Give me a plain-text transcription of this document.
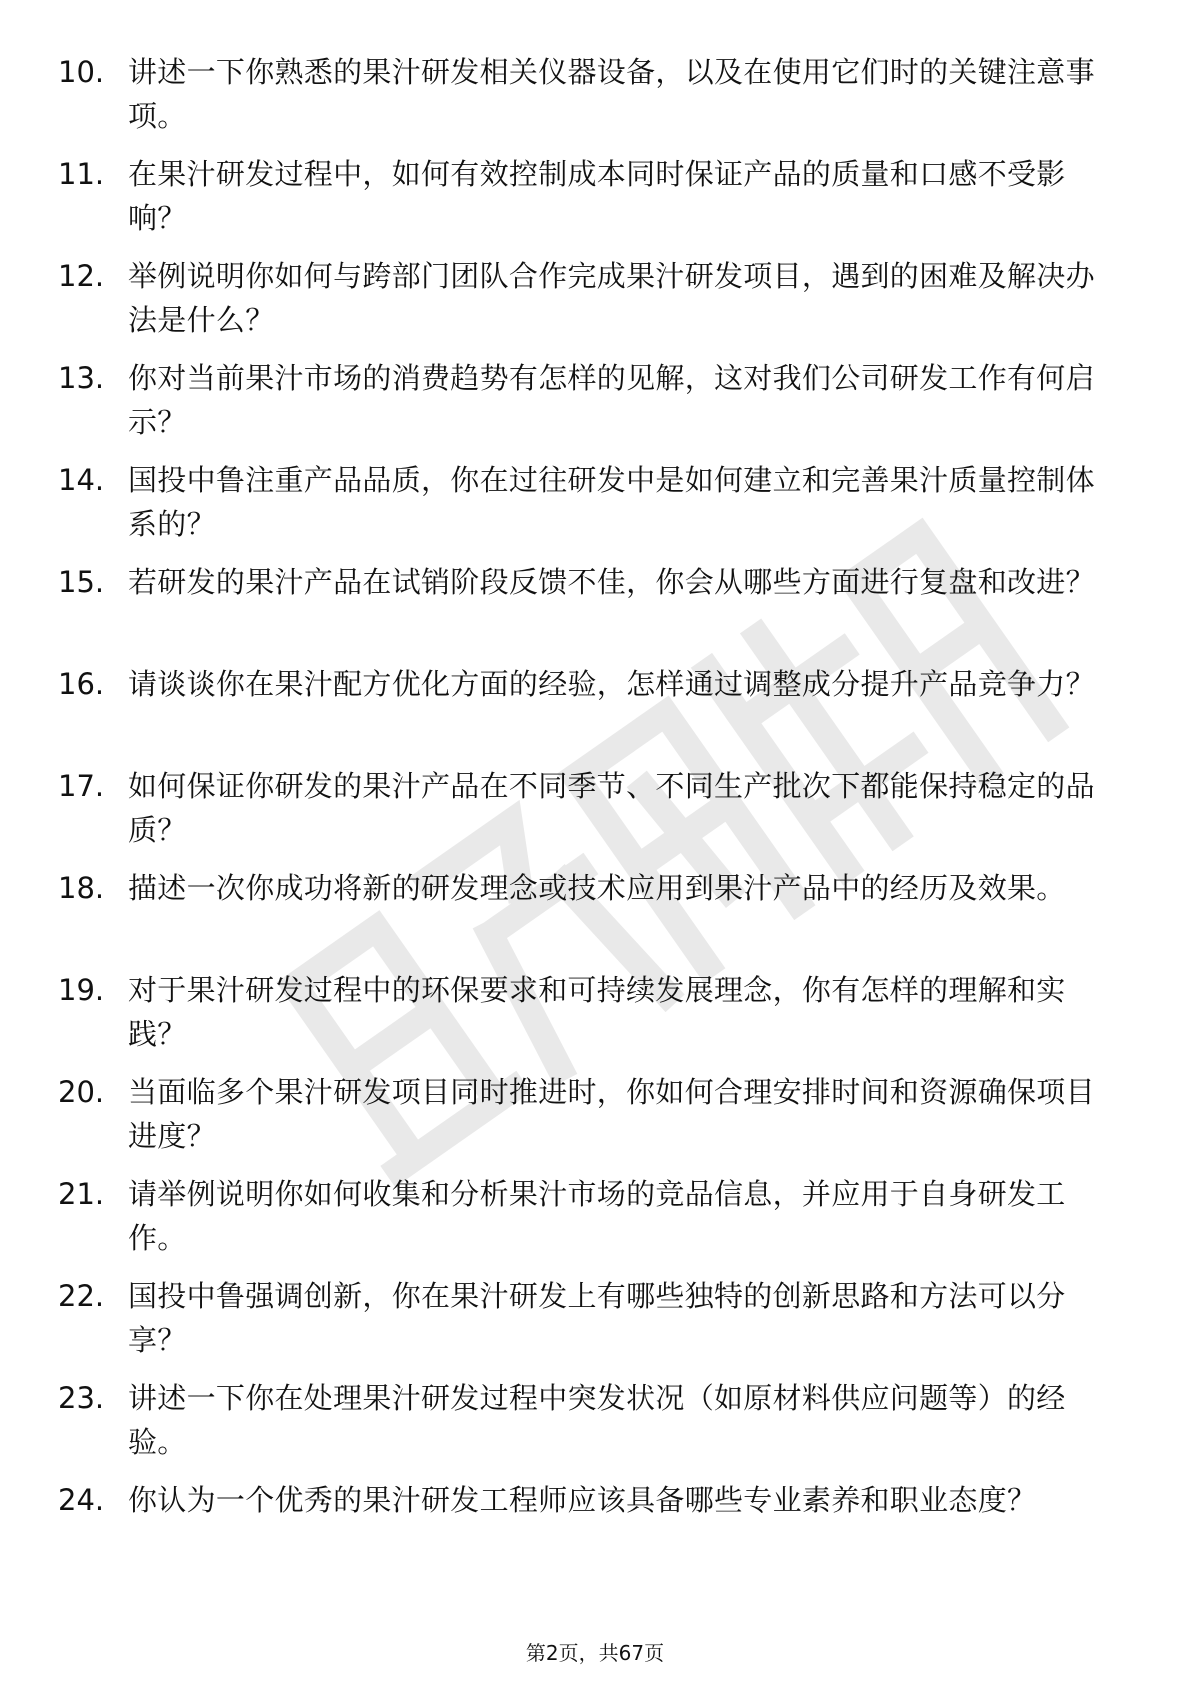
10. 讲述一下你熟悉的果汁研发相关仪器设备，以及在使用它们时的关键注意事项。
11. 在果汁研发过程中，如何有效控制成本同时保证产品的质量和口感不受影响？
12. 举例说明你如何与跨部门团队合作完成果汁研发项目，遇到的困难及解决办法是什么？
13. 你对当前果汁市场的消费趋势有怎样的见解，这对我们公司研发工作有何启示？
14. 国投中鲁注重产品品质，你在过往研发中是如何建立和完善果汁质量控制体系的？
15. 若研发的果汁产品在试销阶段反馈不佳，你会从哪些方面进行复盘和改进？
16. 请谈谈你在果汁配方优化方面的经验，怎样通过调整成分提升产品竞争力？
17. 如何保证你研发的果汁产品在不同季节、不同生产批次下都能保持稳定的品质？
18. 描述一次你成功将新的研发理念或技术应用到果汁产品中的经历及效果。
19. 对于果汁研发过程中的环保要求和可持续发展理念，你有怎样的理解和实践？
20. 当面临多个果汁研发项目同时推进时，你如何合理安排时间和资源确保项目进度？
21. 请举例说明你如何收集和分析果汁市场的竞品信息，并应用于自身研发工作。
22. 国投中鲁强调创新，你在果汁研发上有哪些独特的创新思路和方法可以分享？
23. 讲述一下你在处理果汁研发过程中突发状况（如原材料供应问题等）的经验。
24. 你认为一个优秀的果汁研发工程师应该具备哪些专业素养和职业态度？
第2页，共67页
